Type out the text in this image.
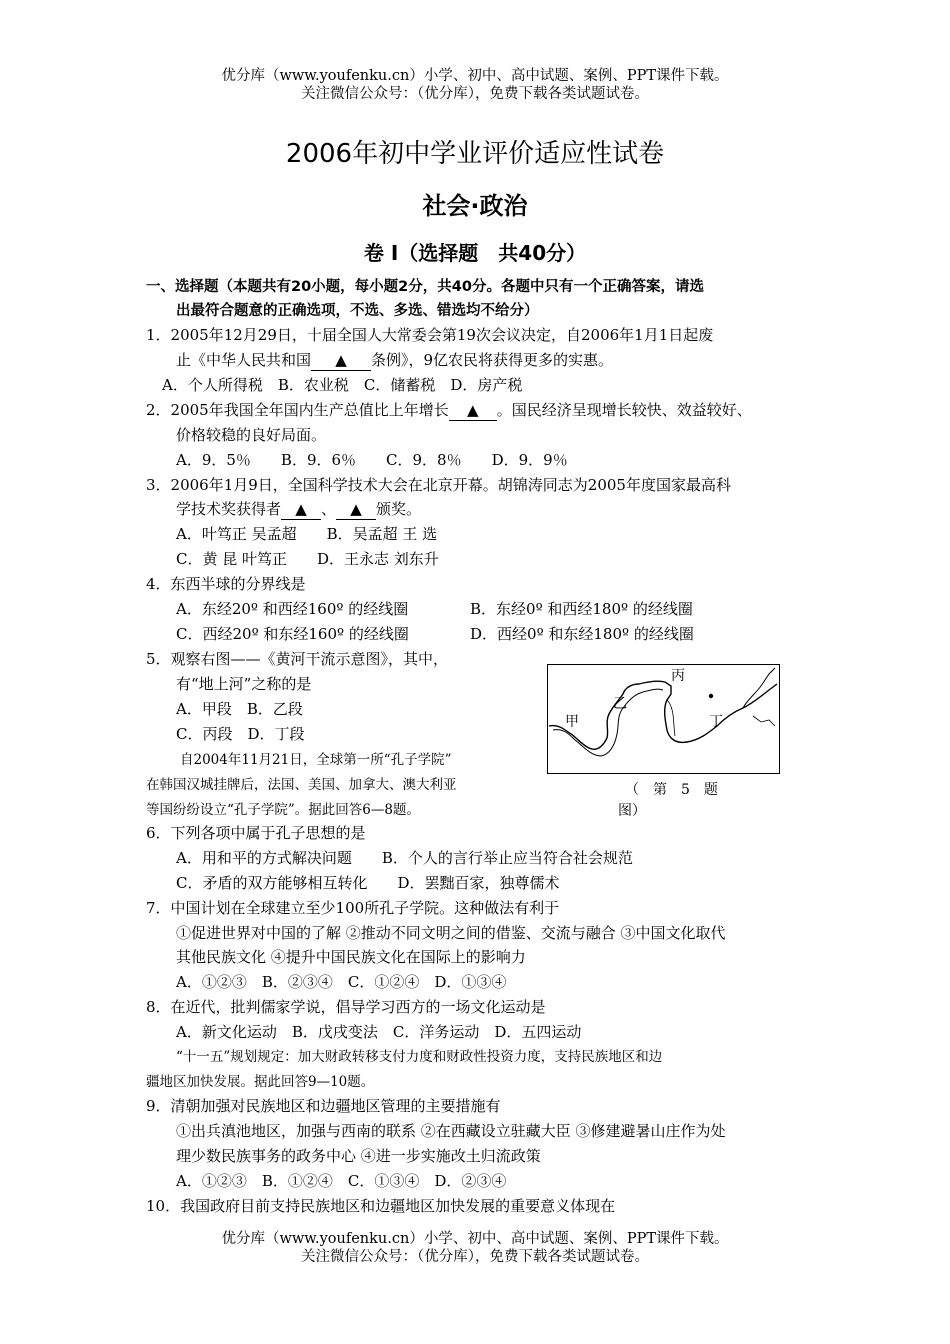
优分库（www.youfenku.cn）小学、初中、高中试题、案例、PPT课件下载。
关注微信公众号：（优分库），免费下载各类试题试卷。
2006年初中学业评价适应性试卷
社会·政治
卷 Ⅰ（选择题　共40分）
一、选择题（本题共有20小题，每小题2分，共40分。各题中只有一个正确答案，请选
出最符合题意的正确选项，不选、多选、错选均不给分）
1．2005年12月29日，十届全国人大常委会第19次会议决定，自2006年1月1日起废
止《中华人民共和国 ▲ 条例》，9亿农民将获得更多的实惠。
A．个人所得税　B．农业税　C．储蓄税　D．房产税
2．2005年我国全年国内生产总值比上年增长 ▲ 。国民经济呈现增长较快、效益较好、
价格较稳的良好局面。
A．9．5％　　B．9．6％　　C．9．8％　　D．9．9％
3．2006年1月9日，全国科学技术大会在北京开幕。胡锦涛同志为2005年度国家最高科
学技术奖获得者 ▲ 、 ▲ 颁奖。
A．叶笃正 吴孟超　　B．吴孟超 王 选
C．黄 昆 叶笃正　　D．王永志 刘东升
4．东西半球的分界线是
A．东经20º 和西经160º 的经线圈	B．东经0º 和西经180º 的经线圈
C．西经20º 和东经160º 的经线圈	D．西经0º 和东经180º 的经线圈
5．观察右图——《黄河干流示意图》，其中，
有“地上河”之称的是
A．甲段　B．乙段
C．丙段　D．丁段
甲
乙
丙
丁
（　第　5　题
图）
自2004年11月21日，全球第一所“孔子学院”
在韩国汉城挂牌后，法国、美国、加拿大、澳大利亚
等国纷纷设立“孔子学院”。据此回答6—8题。
6．下列各项中属于孔子思想的是
A．用和平的方式解决问题　　B．个人的言行举止应当符合社会规范
C．矛盾的双方能够相互转化　　D．罢黜百家，独尊儒术
7．中国计划在全球建立至少100所孔子学院。这种做法有利于
①促进世界对中国的了解 ②推动不同文明之间的借鉴、交流与融合 ③中国文化取代
其他民族文化 ④提升中国民族文化在国际上的影响力
A．①②③　B．②③④　C．①②④　D．①③④
8．在近代，批判儒家学说，倡导学习西方的一场文化运动是
A．新文化运动　B．戊戌变法　C．洋务运动　D．五四运动
“十一五”规划规定：加大财政转移支付力度和财政性投资力度，支持民族地区和边
疆地区加快发展。据此回答9—10题。
9．清朝加强对民族地区和边疆地区管理的主要措施有
①出兵滇池地区，加强与西南的联系 ②在西藏设立驻藏大臣 ③修建避暑山庄作为处
理少数民族事务的政务中心 ④进一步实施改土归流政策
A．①②③　B．①②④　C．①③④　D．②③④
10．我国政府目前支持民族地区和边疆地区加快发展的重要意义体现在
优分库（www.youfenku.cn）小学、初中、高中试题、案例、PPT课件下载。
关注微信公众号：（优分库），免费下载各类试题试卷。
